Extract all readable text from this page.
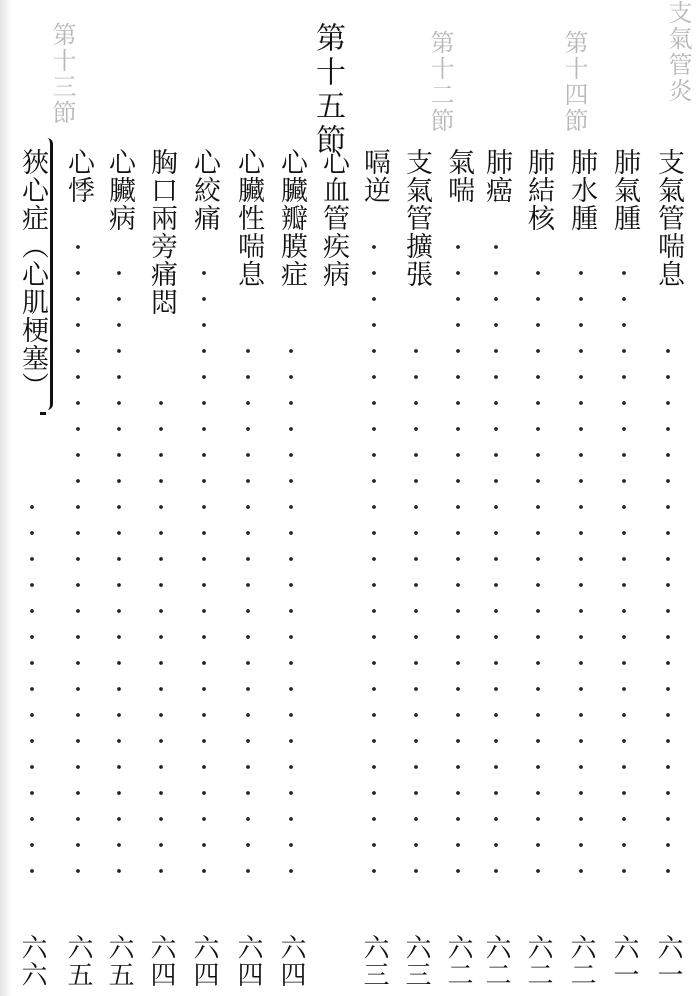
支氣管炎
第十四節
第十二節
第十三節	第十五節
支氣管喘息
六一
肺氣腫
六一
肺水腫
六二
肺結核
六二
肺癌
六二
氣喘
六二
支氣管擴張
六三
嗝逆
六三
心血管疾病
心臟瓣膜症
六四
心臟性喘息
六四
心絞痛
六四
胸口兩旁痛悶
六四
心臟病
六五
心悸
六五
狹心症（心肌梗塞）
六六
